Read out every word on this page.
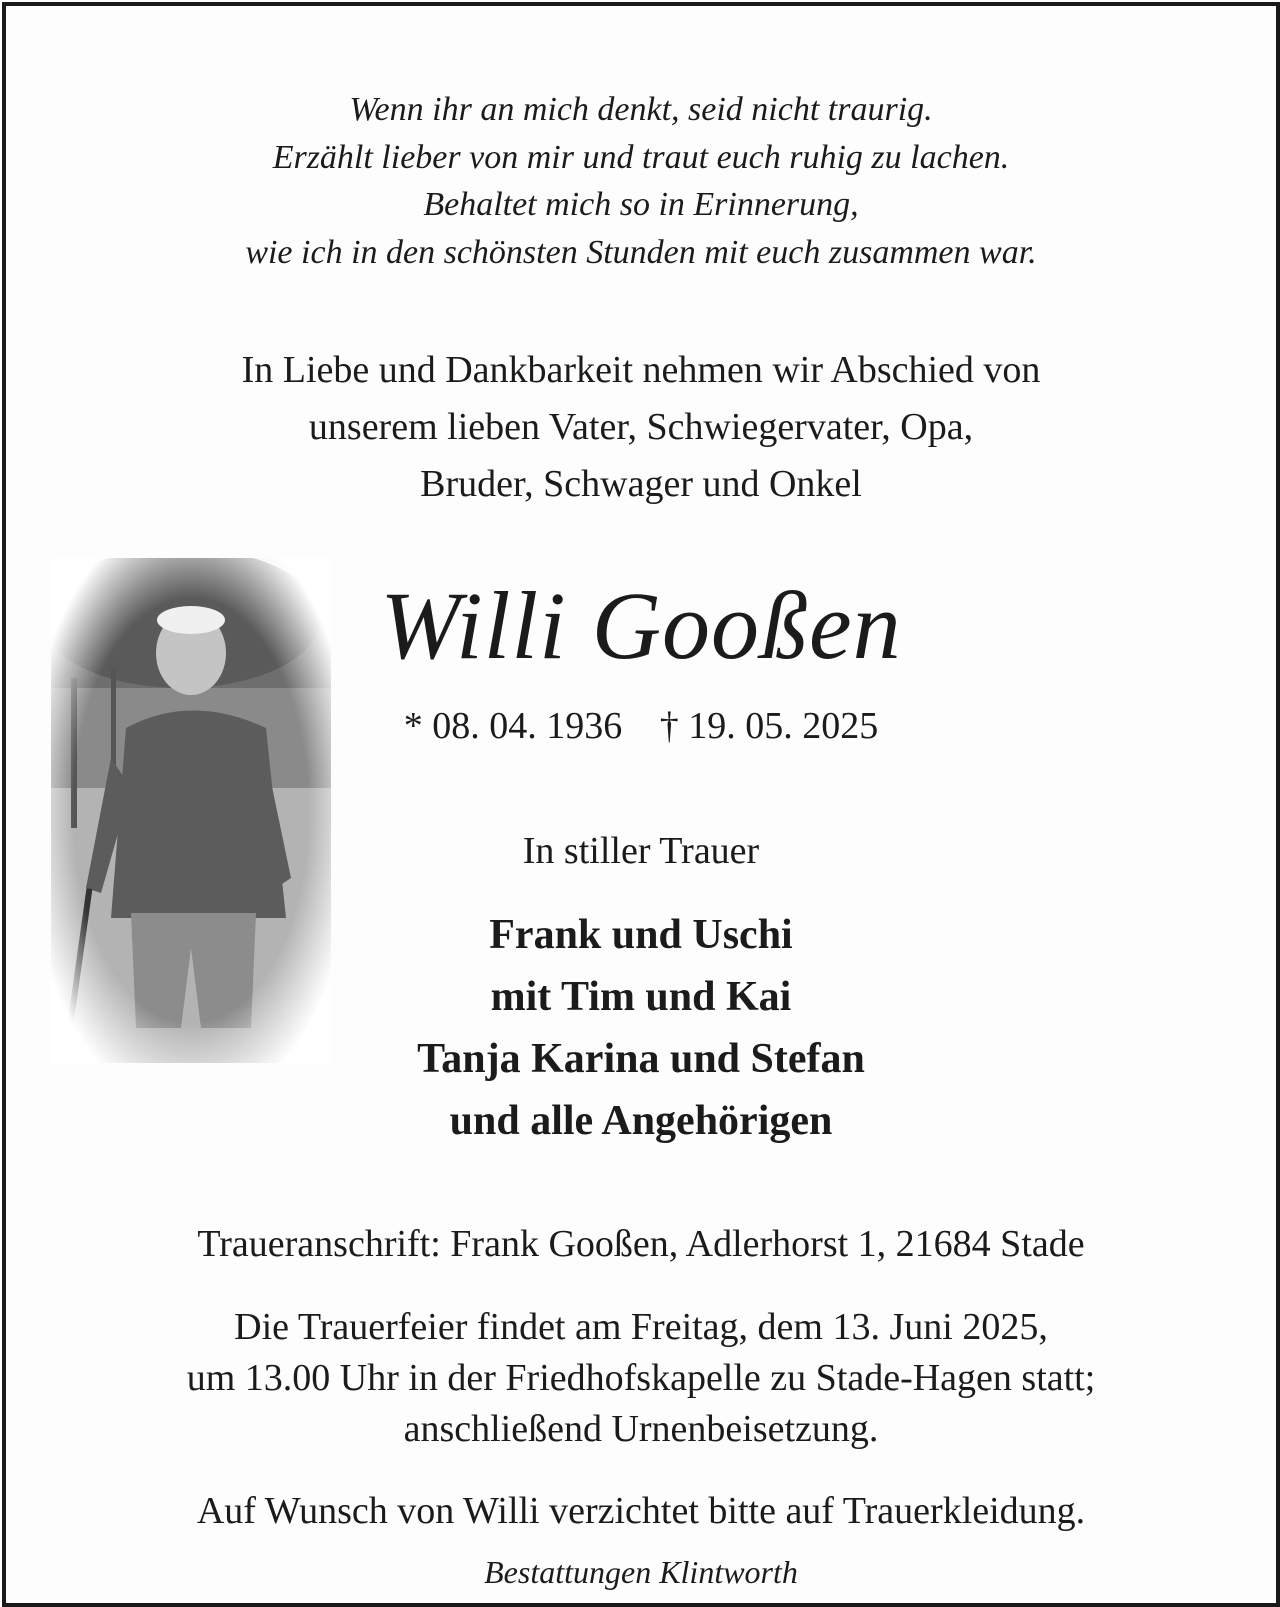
Wenn ihr an mich denkt, seid nicht traurig.
Erzählt lieber von mir und traut euch ruhig zu lachen.
Behaltet mich so in Erinnerung,
wie ich in den schönsten Stunden mit euch zusammen war.
In Liebe und Dankbarkeit nehmen wir Abschied von
unserem lieben Vater, Schwiegervater, Opa,
Bruder, Schwager und Onkel
Willi Gooßen
* 08. 04. 1936 † 19. 05. 2025
In stiller Trauer
Frank und Uschi
mit Tim und Kai
Tanja Karina und Stefan
und alle Angehörigen
Traueranschrift: Frank Gooßen, Adlerhorst 1, 21684 Stade
Die Trauerfeier findet am Freitag, dem 13. Juni 2025,
um 13.00 Uhr in der Friedhofskapelle zu Stade-Hagen statt;
anschließend Urnenbeisetzung.
Auf Wunsch von Willi verzichtet bitte auf Trauerkleidung.
Bestattungen Klintworth
